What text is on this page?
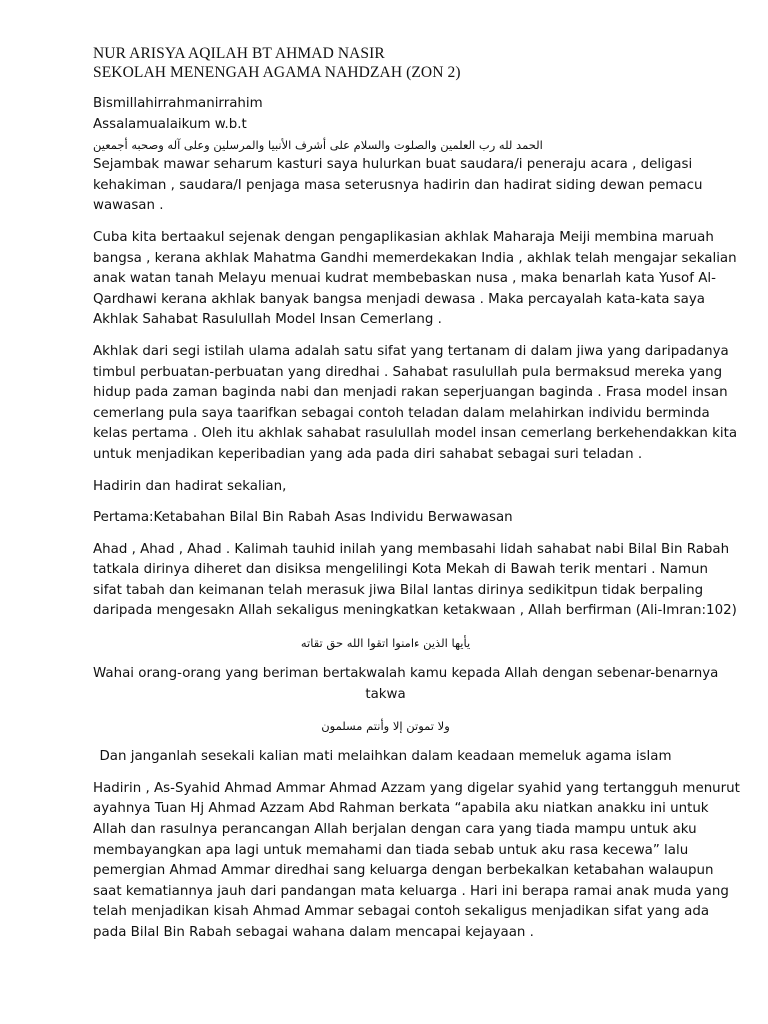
NUR ARISYA AQILAH BT AHMAD NASIR
SEKOLAH MENENGAH AGAMA NAHDZAH (ZON 2)
Bismillahirrahmanirrahim
Assalamualaikum w.b.t
الحمد لله رب العلمين والصلوت والسلام على أشرف الأنبيا والمرسلين وعلى آله وصحبه أجمعين
Sejambak mawar seharum kasturi saya hulurkan buat saudara/i peneraju acara , deligasi
kehakiman , saudara/I penjaga masa seterusnya hadirin dan hadirat siding dewan pemacu
wawasan .
Cuba kita bertaakul sejenak dengan pengaplikasian akhlak Maharaja Meiji membina maruah
bangsa , kerana akhlak Mahatma Gandhi memerdekakan India , akhlak telah mengajar sekalian
anak watan tanah Melayu menuai kudrat membebaskan nusa , maka benarlah kata Yusof Al-
Qardhawi kerana akhlak banyak bangsa menjadi dewasa . Maka percayalah kata-kata saya
Akhlak Sahabat Rasulullah Model Insan Cemerlang .
Akhlak dari segi istilah ulama adalah satu sifat yang tertanam di dalam jiwa yang daripadanya
timbul perbuatan-perbuatan yang diredhai . Sahabat rasulullah pula bermaksud mereka yang
hidup pada zaman baginda nabi dan menjadi rakan seperjuangan baginda . Frasa model insan
cemerlang pula saya taarifkan sebagai contoh teladan dalam melahirkan individu berminda
kelas pertama . Oleh itu akhlak sahabat rasulullah model insan cemerlang berkehendakkan kita
untuk menjadikan keperibadian yang ada pada diri sahabat sebagai suri teladan .
Hadirin dan hadirat sekalian,
Pertama:Ketabahan Bilal Bin Rabah Asas Individu Berwawasan
Ahad , Ahad , Ahad . Kalimah tauhid inilah yang membasahi lidah sahabat nabi Bilal Bin Rabah
tatkala dirinya diheret dan disiksa mengelilingi Kota Mekah di Bawah terik mentari . Namun
sifat tabah dan keimanan telah merasuk jiwa Bilal lantas dirinya sedikitpun tidak berpaling
daripada mengesakn Allah sekaligus meningkatkan ketakwaan , Allah berfirman (Ali-Imran:102)
يأيها الذين ءامنوا اتقوا الله حق تقاته
Wahai orang-orang yang beriman bertakwalah kamu kepada Allah dengan sebenar-benarnya
takwa
ولا تموتن إلا وأنتم مسلمون
Dan janganlah sesekali kalian mati melaihkan dalam keadaan memeluk agama islam
Hadirin , As-Syahid Ahmad Ammar Ahmad Azzam yang digelar syahid yang tertangguh menurut
ayahnya Tuan Hj Ahmad Azzam Abd Rahman berkata “apabila aku niatkan anakku ini untuk
Allah dan rasulnya perancangan Allah berjalan dengan cara yang tiada mampu untuk aku
membayangkan apa lagi untuk memahami dan tiada sebab untuk aku rasa kecewa” lalu
pemergian Ahmad Ammar diredhai sang keluarga dengan berbekalkan ketabahan walaupun
saat kematiannya jauh dari pandangan mata keluarga . Hari ini berapa ramai anak muda yang
telah menjadikan kisah Ahmad Ammar sebagai contoh sekaligus menjadikan sifat yang ada
pada Bilal Bin Rabah sebagai wahana dalam mencapai kejayaan .
